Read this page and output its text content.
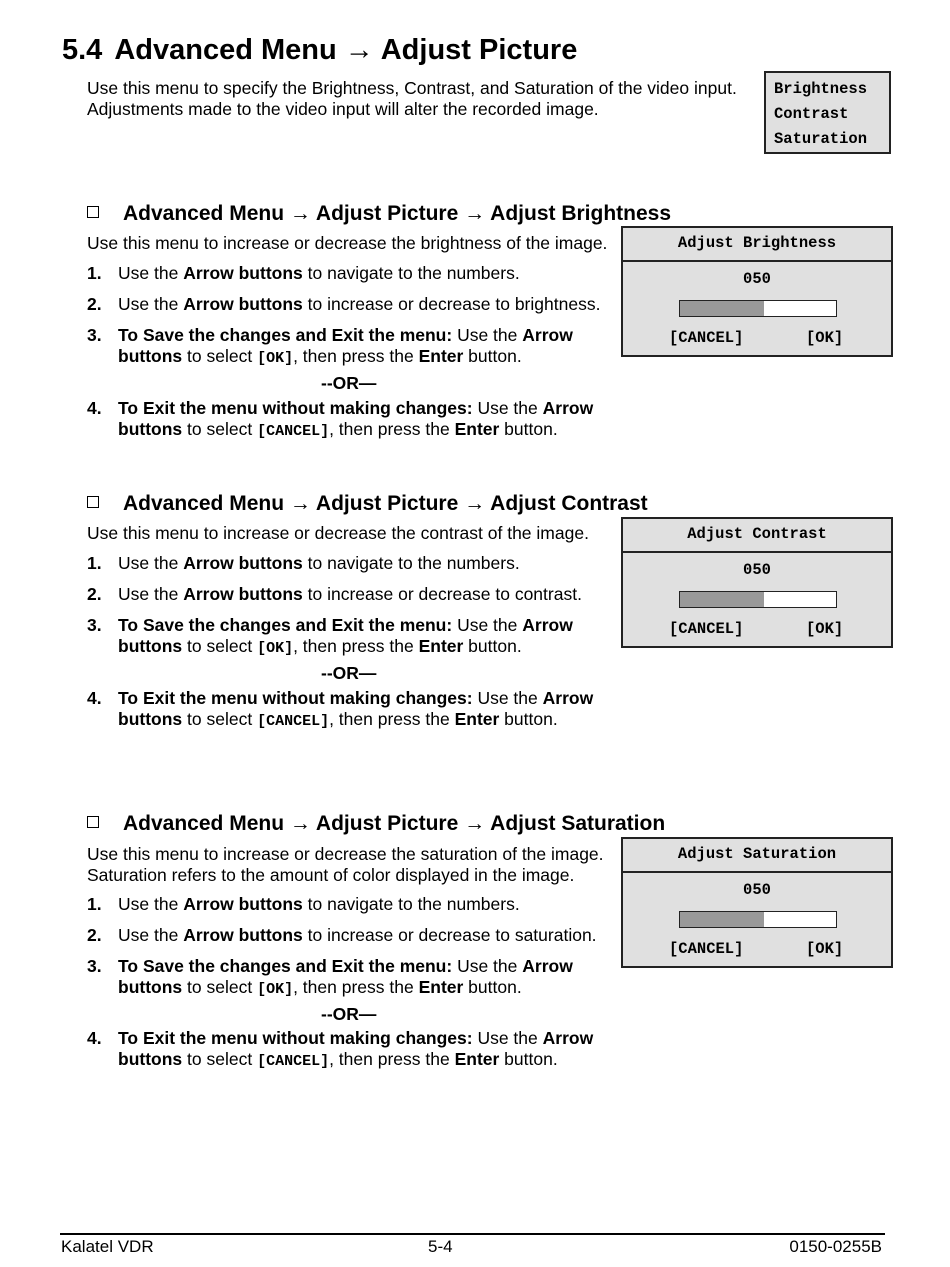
5.4 Advanced Menu → Adjust Picture
Use this menu to specify the Brightness, Contrast, and Saturation of the video input. Adjustments made to the video input will alter the recorded image.
Brightness
Contrast
Saturation
Advanced Menu → Adjust Picture → Adjust Brightness
Use this menu to increase or decrease the brightness of the image.
1. Use the Arrow buttons to navigate to the numbers.
2. Use the Arrow buttons to increase or decrease to brightness.
3. To Save the changes and Exit the menu: Use the Arrow
buttons to select [OK], then press the Enter button.
--OR—
4. To Exit the menu without making changes: Use the Arrow
buttons to select [CANCEL], then press the Enter button.
Adjust Brightness
050
[CANCEL]	[OK]
Advanced Menu → Adjust Picture → Adjust Contrast
Use this menu to increase or decrease the contrast of the image.
1. Use the Arrow buttons to navigate to the numbers.
2. Use the Arrow buttons to increase or decrease to contrast.
3. To Save the changes and Exit the menu: Use the Arrow
buttons to select [OK], then press the Enter button.
--OR—
4. To Exit the menu without making changes: Use the Arrow
buttons to select [CANCEL], then press the Enter button.
Adjust Contrast
050
[CANCEL]	[OK]
Advanced Menu → Adjust Picture → Adjust Saturation
Use this menu to increase or decrease the saturation of the image. Saturation refers to the amount of color displayed in the image.
1. Use the Arrow buttons to navigate to the numbers.
2. Use the Arrow buttons to increase or decrease to saturation.
3. To Save the changes and Exit the menu: Use the Arrow
buttons to select [OK], then press the Enter button.
--OR—
4. To Exit the menu without making changes: Use the Arrow
buttons to select [CANCEL], then press the Enter button.
Adjust Saturation
050
[CANCEL]	[OK]
Kalatel VDR	5-4	0150-0255B
